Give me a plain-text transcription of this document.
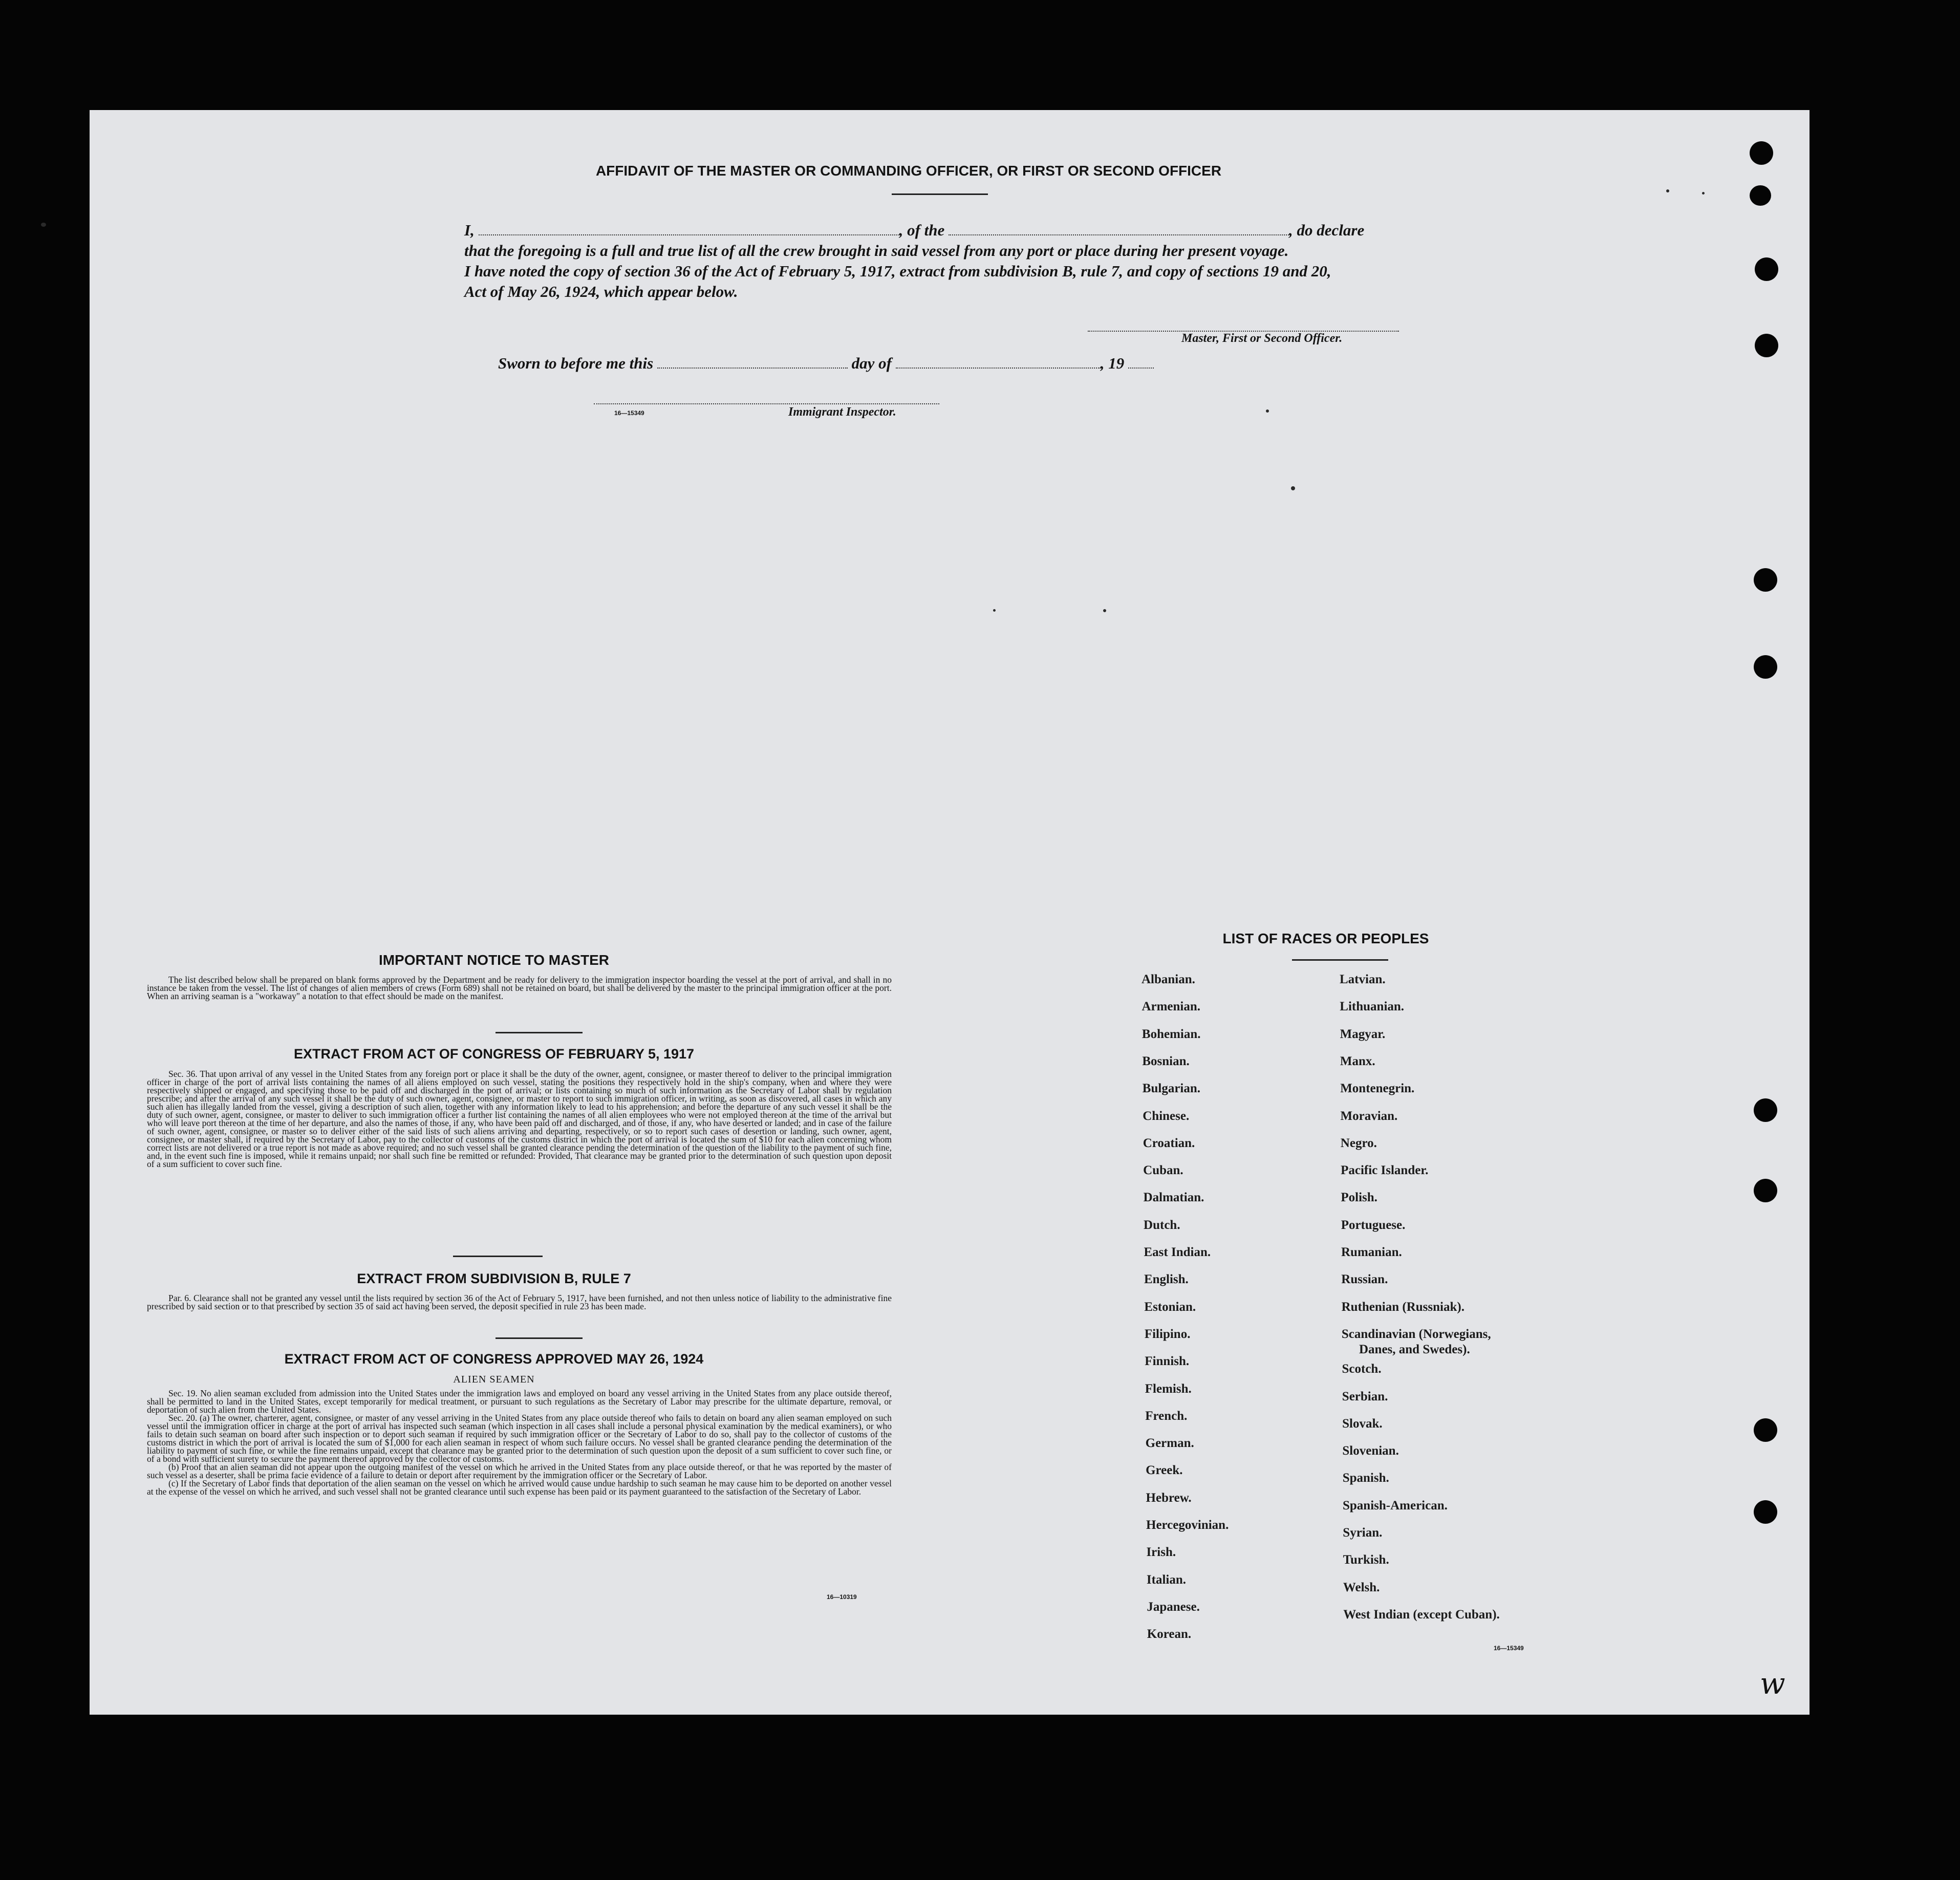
AFFIDAVIT OF THE MASTER OR COMMANDING OFFICER, OR FIRST OR SECOND OFFICER
I,	, of the	, do declare
that the foregoing is a full and true list of all the crew brought in said vessel from any port or place during her present voyage.
I have noted the copy of section 36 of the Act of February 5, 1917, extract from subdivision B, rule 7, and copy of sections 19 and 20,
Act of May 26, 1924, which appear below.
Master, First or Second Officer.
Sworn to before me this	day of	, 19
16—15349	Immigrant Inspector.
IMPORTANT NOTICE TO MASTER

The list described below shall be prepared on blank forms approved by the Department and be ready for delivery to the immigration inspector boarding the vessel at the port of arrival, and shall in no instance be taken from the vessel. The list of changes of alien members of crews (Form 689) shall not be retained on board, but shall be delivered by the master to the principal immigration officer at the port. When an arriving seaman is a "workaway" a notation to that effect should be made on the manifest.

EXTRACT FROM ACT OF CONGRESS OF FEBRUARY 5, 1917

Sec. 36. That upon arrival of any vessel in the United States from any foreign port or place it shall be the duty of the owner, agent, consignee, or master thereof to deliver to the principal immigration officer in charge of the port of arrival lists containing the names of all aliens employed on such vessel, stating the positions they respectively hold in the ship's company, when and where they were respectively shipped or engaged, and specifying those to be paid off and discharged in the port of arrival; or lists containing so much of such information as the Secretary of Labor shall by regulation prescribe; and after the arrival of any such vessel it shall be the duty of such owner, agent, consignee, or master to report to such immigration officer, in writing, as soon as discovered, all cases in which any such alien has illegally landed from the vessel, giving a description of such alien, together with any information likely to lead to his apprehension; and before the departure of any such vessel it shall be the duty of such owner, agent, consignee, or master to deliver to such immigration officer a further list containing the names of all alien employees who were not employed thereon at the time of the arrival but who will leave port thereon at the time of her departure, and also the names of those, if any, who have been paid off and discharged, and of those, if any, who have deserted or landed; and in case of the failure of such owner, agent, consignee, or master so to deliver either of the said lists of such aliens arriving and departing, respectively, or so to report such cases of desertion or landing, such owner, agent, consignee, or master shall, if required by the Secretary of Labor, pay to the collector of customs of the customs district in which the port of arrival is located the sum of $10 for each alien concerning whom correct lists are not delivered or a true report is not made as above required; and no such vessel shall be granted clearance pending the determination of the question of the liability to the payment of such fine, and, in the event such fine is imposed, while it remains unpaid; nor shall such fine be remitted or refunded: Provided, That clearance may be granted prior to the determination of such question upon deposit of a sum sufficient to cover such fine.

EXTRACT FROM SUBDIVISION B, RULE 7

Par. 6. Clearance shall not be granted any vessel until the lists required by section 36 of the Act of February 5, 1917, have been furnished, and not then unless notice of liability to the administrative fine prescribed by said section or to that prescribed by section 35 of said act having been served, the deposit specified in rule 23 has been made.

EXTRACT FROM ACT OF CONGRESS APPROVED MAY 26, 1924
ALIEN SEAMEN

Sec. 19. No alien seaman excluded from admission into the United States under the immigration laws and employed on board any vessel arriving in the United States from any place outside thereof, shall be permitted to land in the United States, except temporarily for medical treatment, or pursuant to such regulations as the Secretary of Labor may prescribe for the ultimate departure, removal, or deportation of such alien from the United States.

Sec. 20. (a) The owner, charterer, agent, consignee, or master of any vessel arriving in the United States from any place outside thereof who fails to detain on board any alien seaman employed on such vessel until the immigration officer in charge at the port of arrival has inspected such seaman (which inspection in all cases shall include a personal physical examination by the medical examiners), or who fails to detain such seaman on board after such inspection or to deport such seaman if required by such immigration officer or the Secretary of Labor to do so, shall pay to the collector of customs of the customs district in which the port of arrival is located the sum of $1,000 for each alien seaman in respect of whom such failure occurs. No vessel shall be granted clearance pending the determination of the liability to payment of such fine, or while the fine remains unpaid, except that clearance may be granted prior to the determination of such question upon the deposit of a sum sufficient to cover such fine, or of a bond with sufficient surety to secure the payment thereof approved by the collector of customs.

(b) Proof that an alien seaman did not appear upon the outgoing manifest of the vessel on which he arrived in the United States from any place outside thereof, or that he was reported by the master of such vessel as a deserter, shall be prima facie evidence of a failure to detain or deport after requirement by the immigration officer or the Secretary of Labor.

(c) If the Secretary of Labor finds that deportation of the alien seaman on the vessel on which he arrived would cause undue hardship to such seaman he may cause him to be deported on another vessel at the expense of the vessel on which he arrived, and such vessel shall not be granted clearance until such expense has been paid or its payment guaranteed to the satisfaction of the Secretary of Labor.

16—10319
LIST OF RACES OR PEOPLES
Albanian.
Armenian.
Bohemian.
Bosnian.
Bulgarian.
Chinese.
Croatian.
Cuban.
Dalmatian.
Dutch.
East Indian.
English.
Estonian.
Filipino.
Finnish.
Flemish.
French.
German.
Greek.
Hebrew.
Hercegovinian.
Irish.
Italian.
Japanese.
Korean.
Latvian.
Lithuanian.
Magyar.
Manx.
Montenegrin.
Moravian.
Negro.
Pacific Islander.
Polish.
Portuguese.
Rumanian.
Russian.
Ruthenian (Russniak).
Scandinavian (Norwegians,
Danes, and Swedes).
Scotch.
Serbian.
Slovak.
Slovenian.
Spanish.
Spanish-American.
Syrian.
Turkish.
Welsh.
West Indian (except Cuban).
16—15349
w
